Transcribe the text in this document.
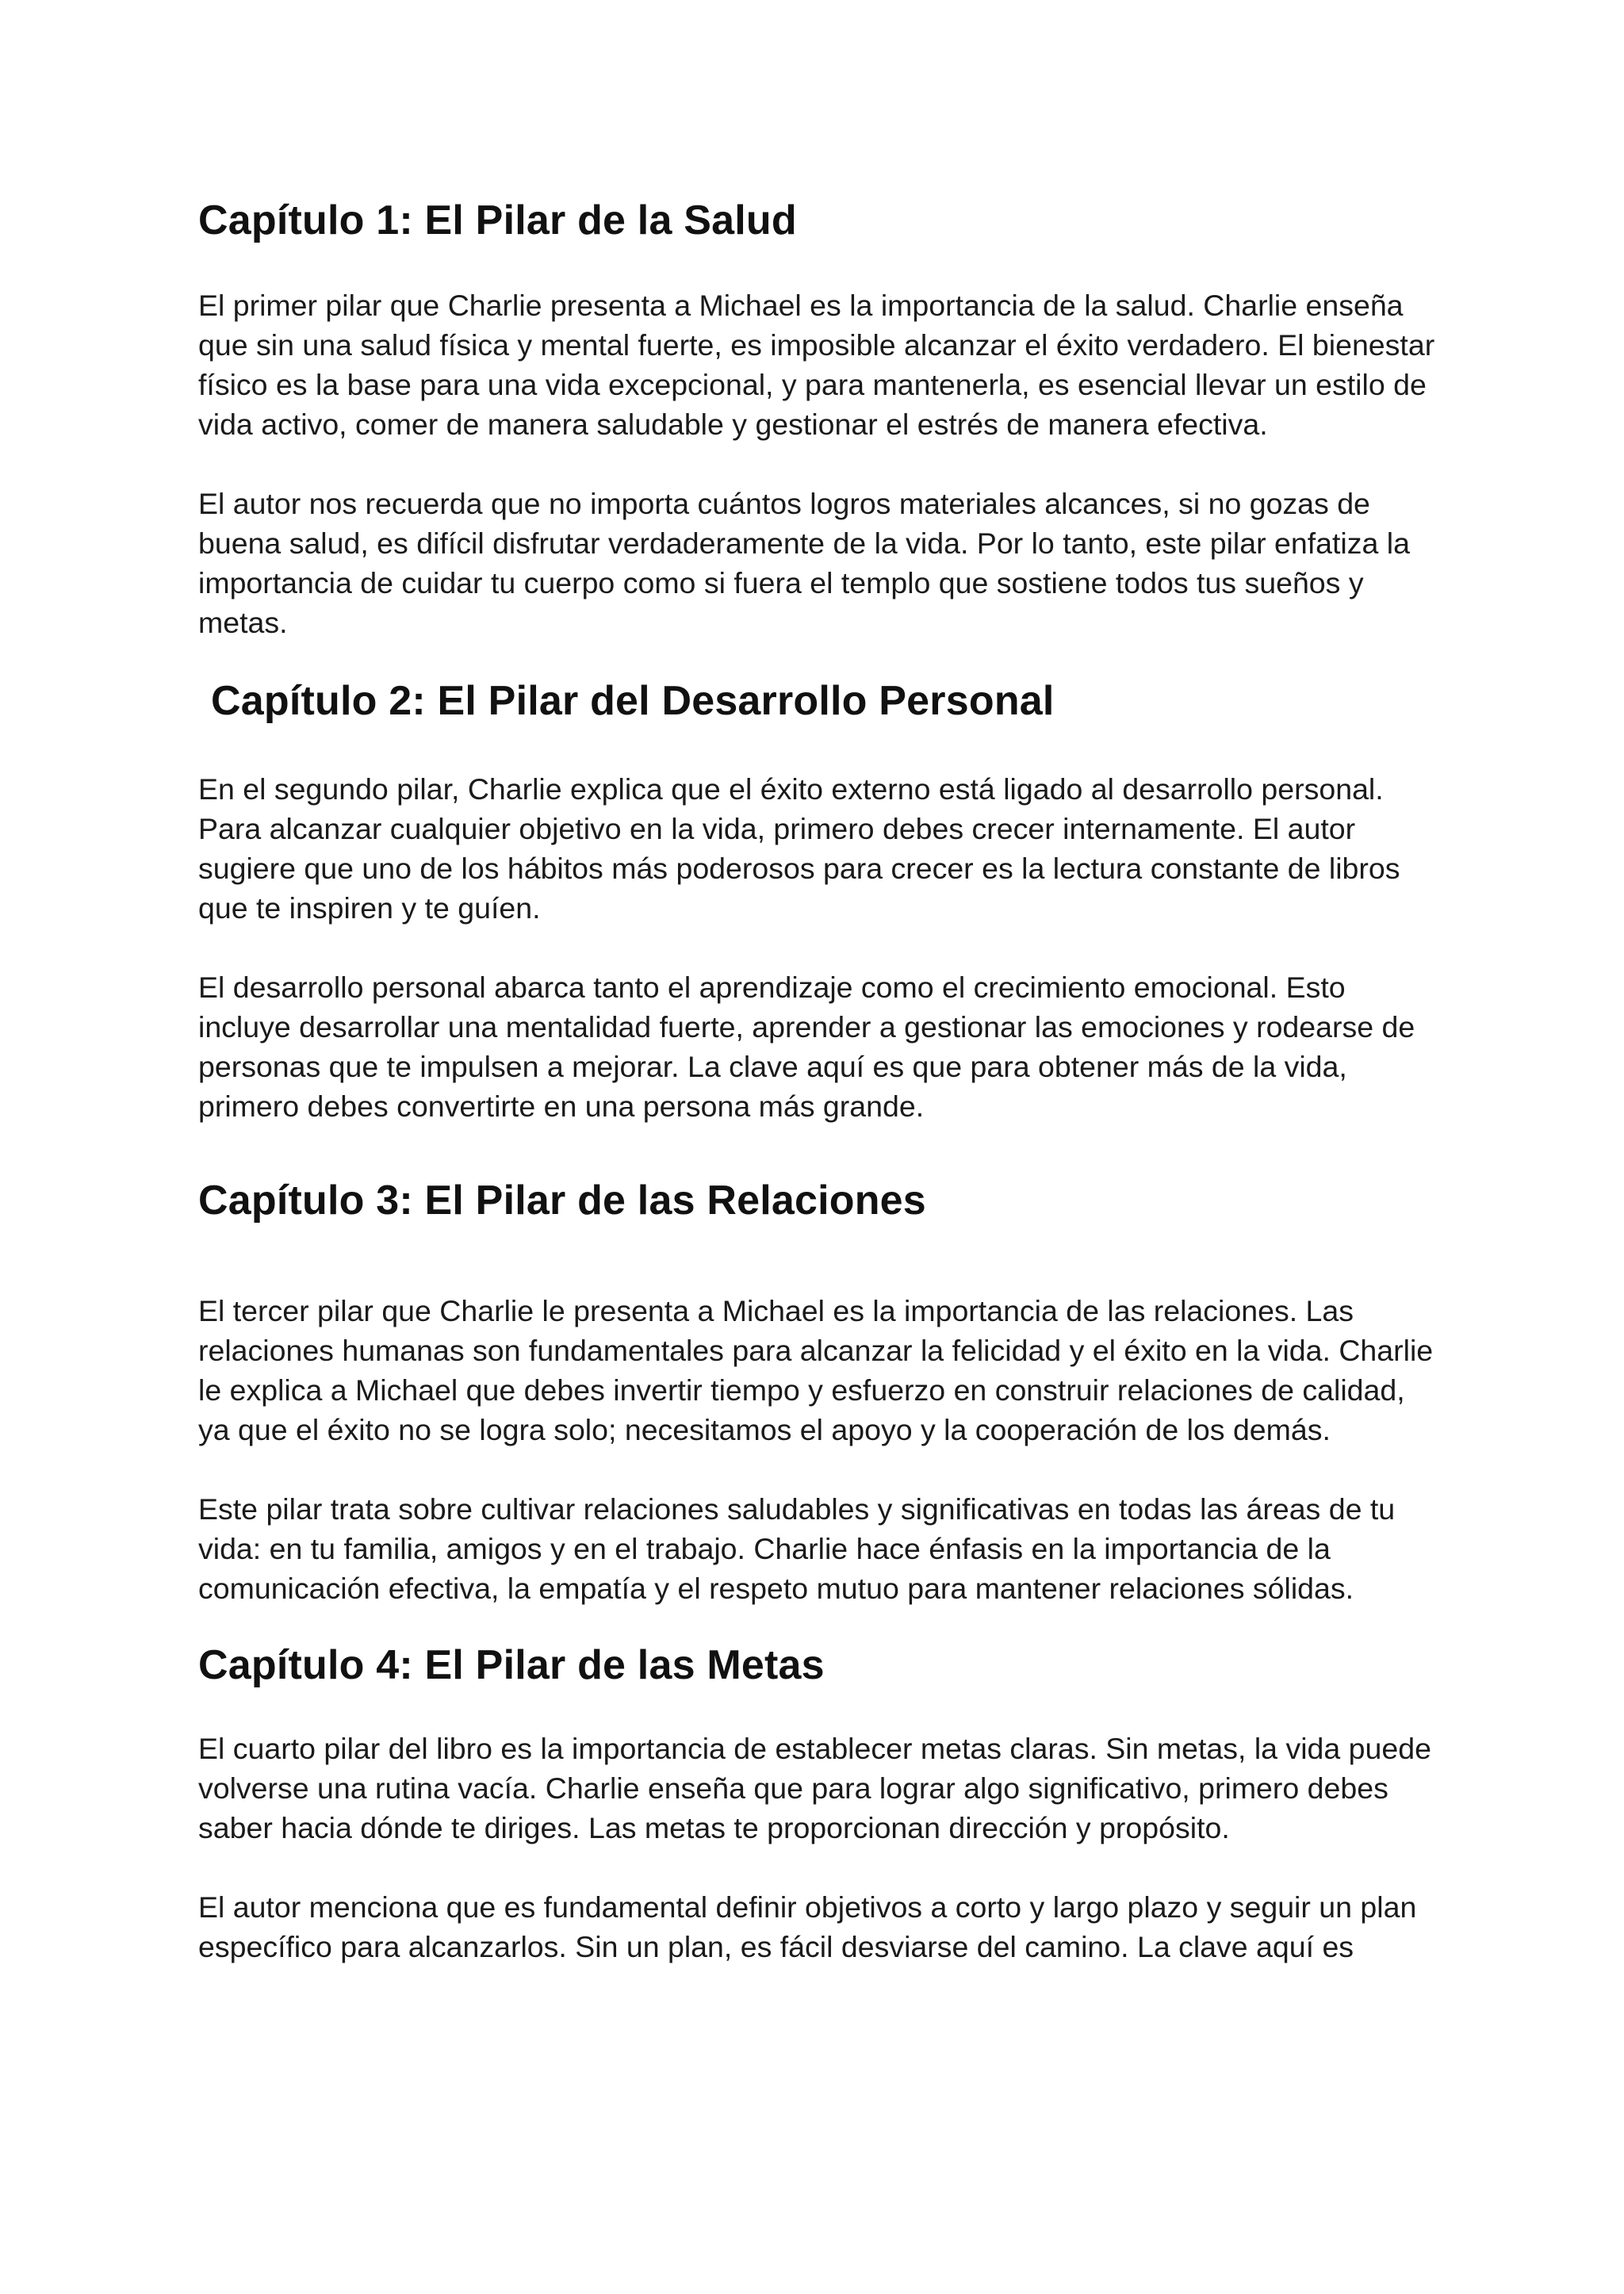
Capítulo 1: El Pilar de la Salud

El primer pilar que Charlie presenta a Michael es la importancia de la salud. Charlie enseña que sin una salud física y mental fuerte, es imposible alcanzar el éxito verdadero. El bienestar físico es la base para una vida excepcional, y para mantenerla, es esencial llevar un estilo de vida activo, comer de manera saludable y gestionar el estrés de manera efectiva.

El autor nos recuerda que no importa cuántos logros materiales alcances, si no gozas de buena salud, es difícil disfrutar verdaderamente de la vida. Por lo tanto, este pilar enfatiza la importancia de cuidar tu cuerpo como si fuera el templo que sostiene todos tus sueños y metas.

Capítulo 2: El Pilar del Desarrollo Personal

En el segundo pilar, Charlie explica que el éxito externo está ligado al desarrollo personal. Para alcanzar cualquier objetivo en la vida, primero debes crecer internamente. El autor sugiere que uno de los hábitos más poderosos para crecer es la lectura constante de libros que te inspiren y te guíen.

El desarrollo personal abarca tanto el aprendizaje como el crecimiento emocional. Esto incluye desarrollar una mentalidad fuerte, aprender a gestionar las emociones y rodearse de personas que te impulsen a mejorar. La clave aquí es que para obtener más de la vida, primero debes convertirte en una persona más grande.

Capítulo 3: El Pilar de las Relaciones

El tercer pilar que Charlie le presenta a Michael es la importancia de las relaciones. Las relaciones humanas son fundamentales para alcanzar la felicidad y el éxito en la vida. Charlie le explica a Michael que debes invertir tiempo y esfuerzo en construir relaciones de calidad, ya que el éxito no se logra solo; necesitamos el apoyo y la cooperación de los demás.

Este pilar trata sobre cultivar relaciones saludables y significativas en todas las áreas de tu vida: en tu familia, amigos y en el trabajo. Charlie hace énfasis en la importancia de la comunicación efectiva, la empatía y el respeto mutuo para mantener relaciones sólidas.

Capítulo 4: El Pilar de las Metas

El cuarto pilar del libro es la importancia de establecer metas claras. Sin metas, la vida puede volverse una rutina vacía. Charlie enseña que para lograr algo significativo, primero debes saber hacia dónde te diriges. Las metas te proporcionan dirección y propósito.

El autor menciona que es fundamental definir objetivos a corto y largo plazo y seguir un plan específico para alcanzarlos. Sin un plan, es fácil desviarse del camino. La clave aquí es
